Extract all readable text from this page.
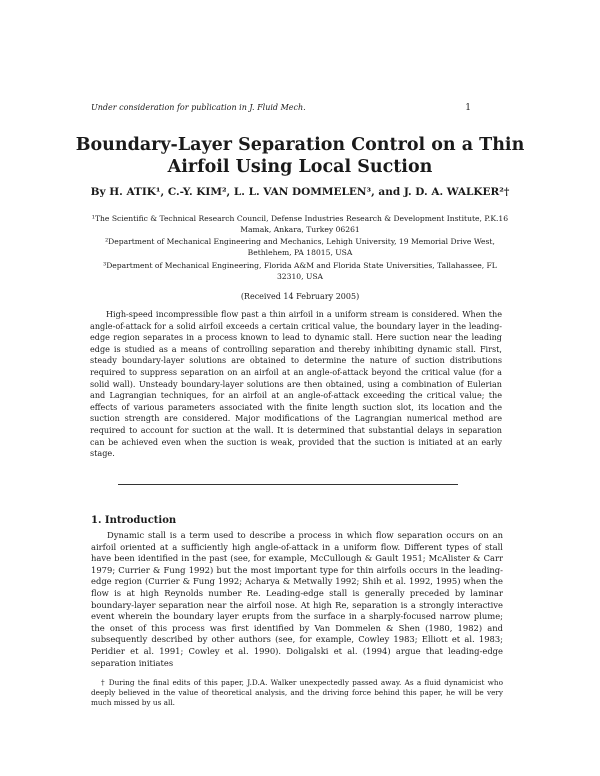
Under consideration for publication in J. Fluid Mech.	1
Boundary-Layer Separation Control on a Thin Airfoil Using Local Suction
By H. ATIK¹, C.-Y. KIM², L. L. VAN DOMMELEN³, and J. D. A. WALKER²†
¹The Scientific & Technical Research Council, Defense Industries Research & Development Institute, P.K.16 Mamak, Ankara, Turkey 06261
²Department of Mechanical Engineering and Mechanics, Lehigh University, 19 Memorial Drive West, Bethlehem, PA 18015, USA
³Department of Mechanical Engineering, Florida A&M and Florida State Universities, Tallahassee, FL 32310, USA
(Received 14 February 2005)
High-speed incompressible flow past a thin airfoil in a uniform stream is considered. When the angle-of-attack for a solid airfoil exceeds a certain critical value, the boundary layer in the leading-edge region separates in a process known to lead to dynamic stall. Here suction near the leading edge is studied as a means of controlling separation and thereby inhibiting dynamic stall. First, steady boundary-layer solutions are obtained to determine the nature of suction distributions required to suppress separation on an airfoil at an angle-of-attack beyond the critical value (for a solid wall). Unsteady boundary-layer solutions are then obtained, using a combination of Eulerian and Lagrangian techniques, for an airfoil at an angle-of-attack exceeding the critical value; the effects of various parameters associated with the finite length suction slot, its location and the suction strength are considered. Major modifications of the Lagrangian numerical method are required to account for suction at the wall. It is determined that substantial delays in separation can be achieved even when the suction is weak, provided that the suction is initiated at an early stage.
1. Introduction
Dynamic stall is a term used to describe a process in which flow separation occurs on an airfoil oriented at a sufficiently high angle-of-attack in a uniform flow. Different types of stall have been identified in the past (see, for example, McCullough & Gault 1951; McAlister & Carr 1979; Currier & Fung 1992) but the most important type for thin airfoils occurs in the leading-edge region (Currier & Fung 1992; Acharya & Metwally 1992; Shih et al. 1992, 1995) when the flow is at high Reynolds number Re. Leading-edge stall is generally preceded by laminar boundary-layer separation near the airfoil nose. At high Re, separation is a strongly interactive event wherein the boundary layer erupts from the surface in a sharply-focused narrow plume; the onset of this process was first identified by Van Dommelen & Shen (1980, 1982) and subsequently described by other authors (see, for example, Cowley 1983; Elliott et al. 1983; Peridier et al. 1991; Cowley et al. 1990). Doligalski et al. (1994) argue that leading-edge separation initiates
† During the final edits of this paper, J.D.A. Walker unexpectedly passed away. As a fluid dynamicist who deeply believed in the value of theoretical analysis, and the driving force behind this paper, he will be very much missed by us all.
